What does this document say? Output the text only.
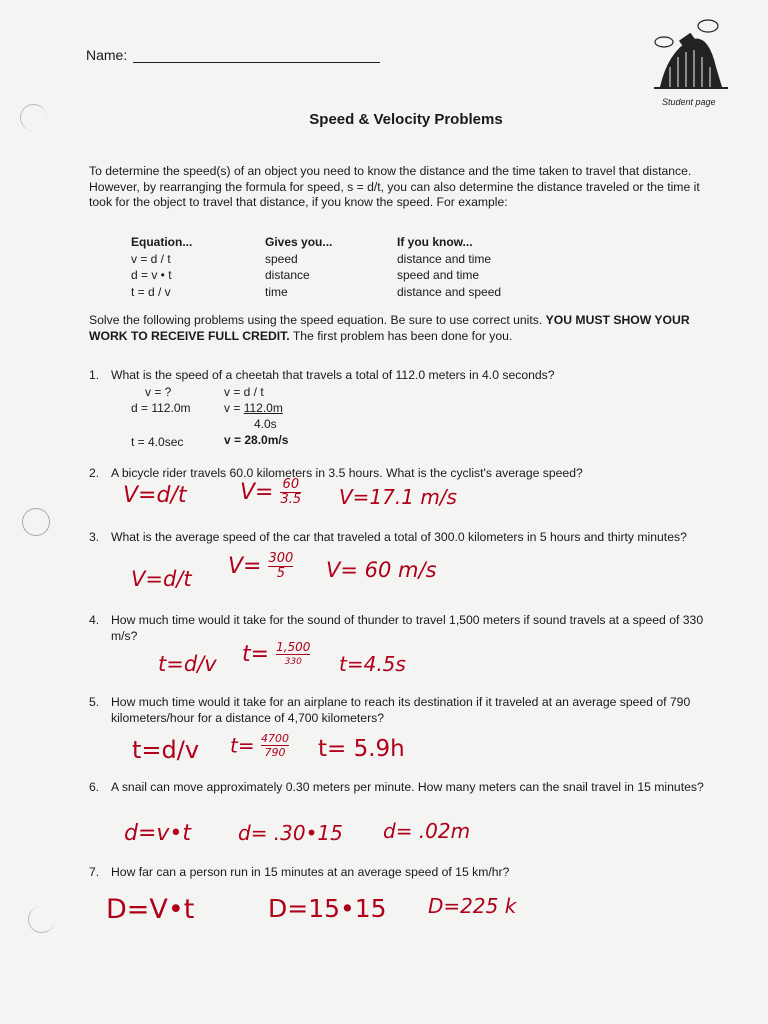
Name:
Student page
Speed & Velocity Problems
To determine the speed(s) of an object you need to know the distance and the time taken to travel that distance. However, by rearranging the formula for speed, s = d/t, you can also determine the distance traveled or the time it took for the object to travel that distance, if you know the speed. For example:
Equation...
v = d / t
d = v • t
t = d / v
Gives you...
speed
distance
time
If you know...
distance and time
speed and time
distance and speed
Solve the following problems using the speed equation. Be sure to use correct units. YOU MUST SHOW YOUR WORK TO RECEIVE FULL CREDIT. The first problem has been done for you.
1. What is the speed of a cheetah that travels a total of 112.0 meters in 4.0 seconds?
v = ?
d = 112.0m
t = 4.0sec
v = d / t
v = 112.0m
4.0s
v = 28.0m/s
2. A bicycle rider travels 60.0 kilometers in 3.5 hours. What is the cyclist's average speed?
V=d/t $V= \frac{60}{3.5} V=17.1$ m/s
3. What is the average speed of the car that traveled a total of 300.0 kilometers in 5 hours and thirty minutes?
V=d/t $V= \frac{300}{5} V= 60$ m/s
4. How much time would it take for the sound of thunder to travel 1,500 meters if sound travels at a speed of 330 m/s?
t=d/v t= 1,500
330	t=4.5s
5. How much time would it take for an airplane to reach its destination if it traveled at an average speed of 790 kilometers/hour for a distance of 4,700 kilometers?
t=d/v $t= \frac{4700}{790} t= 5.9h$
6. A snail can move approximately 0.30 meters per minute. How many meters can the snail travel in 15 minutes?
d=v•t d= .30•15 d= .02m
7. How far can a person run in 15 minutes at an average speed of 15 km/hr?
D=V•t	D=15•15 D=225 k
